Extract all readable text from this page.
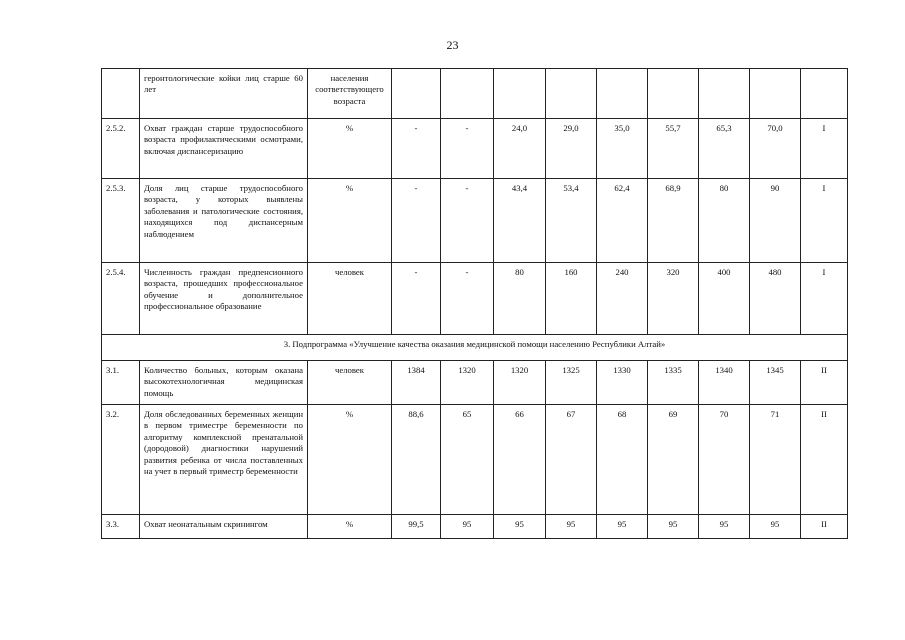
23
	геронтологические койки лиц старше 60 лет	населения соответствующего возраста									
2.5.2.	Охват граждан старше трудоспособного возраста профилактическими осмотрами, включая диспансеризацию	%	-	-	24,0	29,0	35,0	55,7	65,3	70,0	I
2.5.3.	Доля лиц старше трудоспособного возраста, у которых выявлены заболевания и патологические состояния, находящихся под диспансерным наблюдением	%	-	-	43,4	53,4	62,4	68,9	80	90	I
2.5.4.	Численность граждан предпенсионного возраста, прошедших профессиональное обучение и дополнительное профессиональное образование	человек	-	-	80	160	240	320	400	480	I
3. Подпрограмма «Улучшение качества оказания медицинской помощи населению Республики Алтай»											
3.1.	Количество больных, которым оказана высокотехнологичная медицинская помощь	человек	1384	1320	1320	1325	1330	1335	1340	1345	II
3.2.	Доля обследованных беременных женщин в первом триместре беременности по алгоритму комплексной пренатальной (дородовой) диагностики нарушений развития ребенка от числа поставленных на учет в первый триместр беременности	%	88,6	65	66	67	68	69	70	71	II
3.3.	Охват неонатальным скринингом	%	99,5	95	95	95	95	95	95	95	II
